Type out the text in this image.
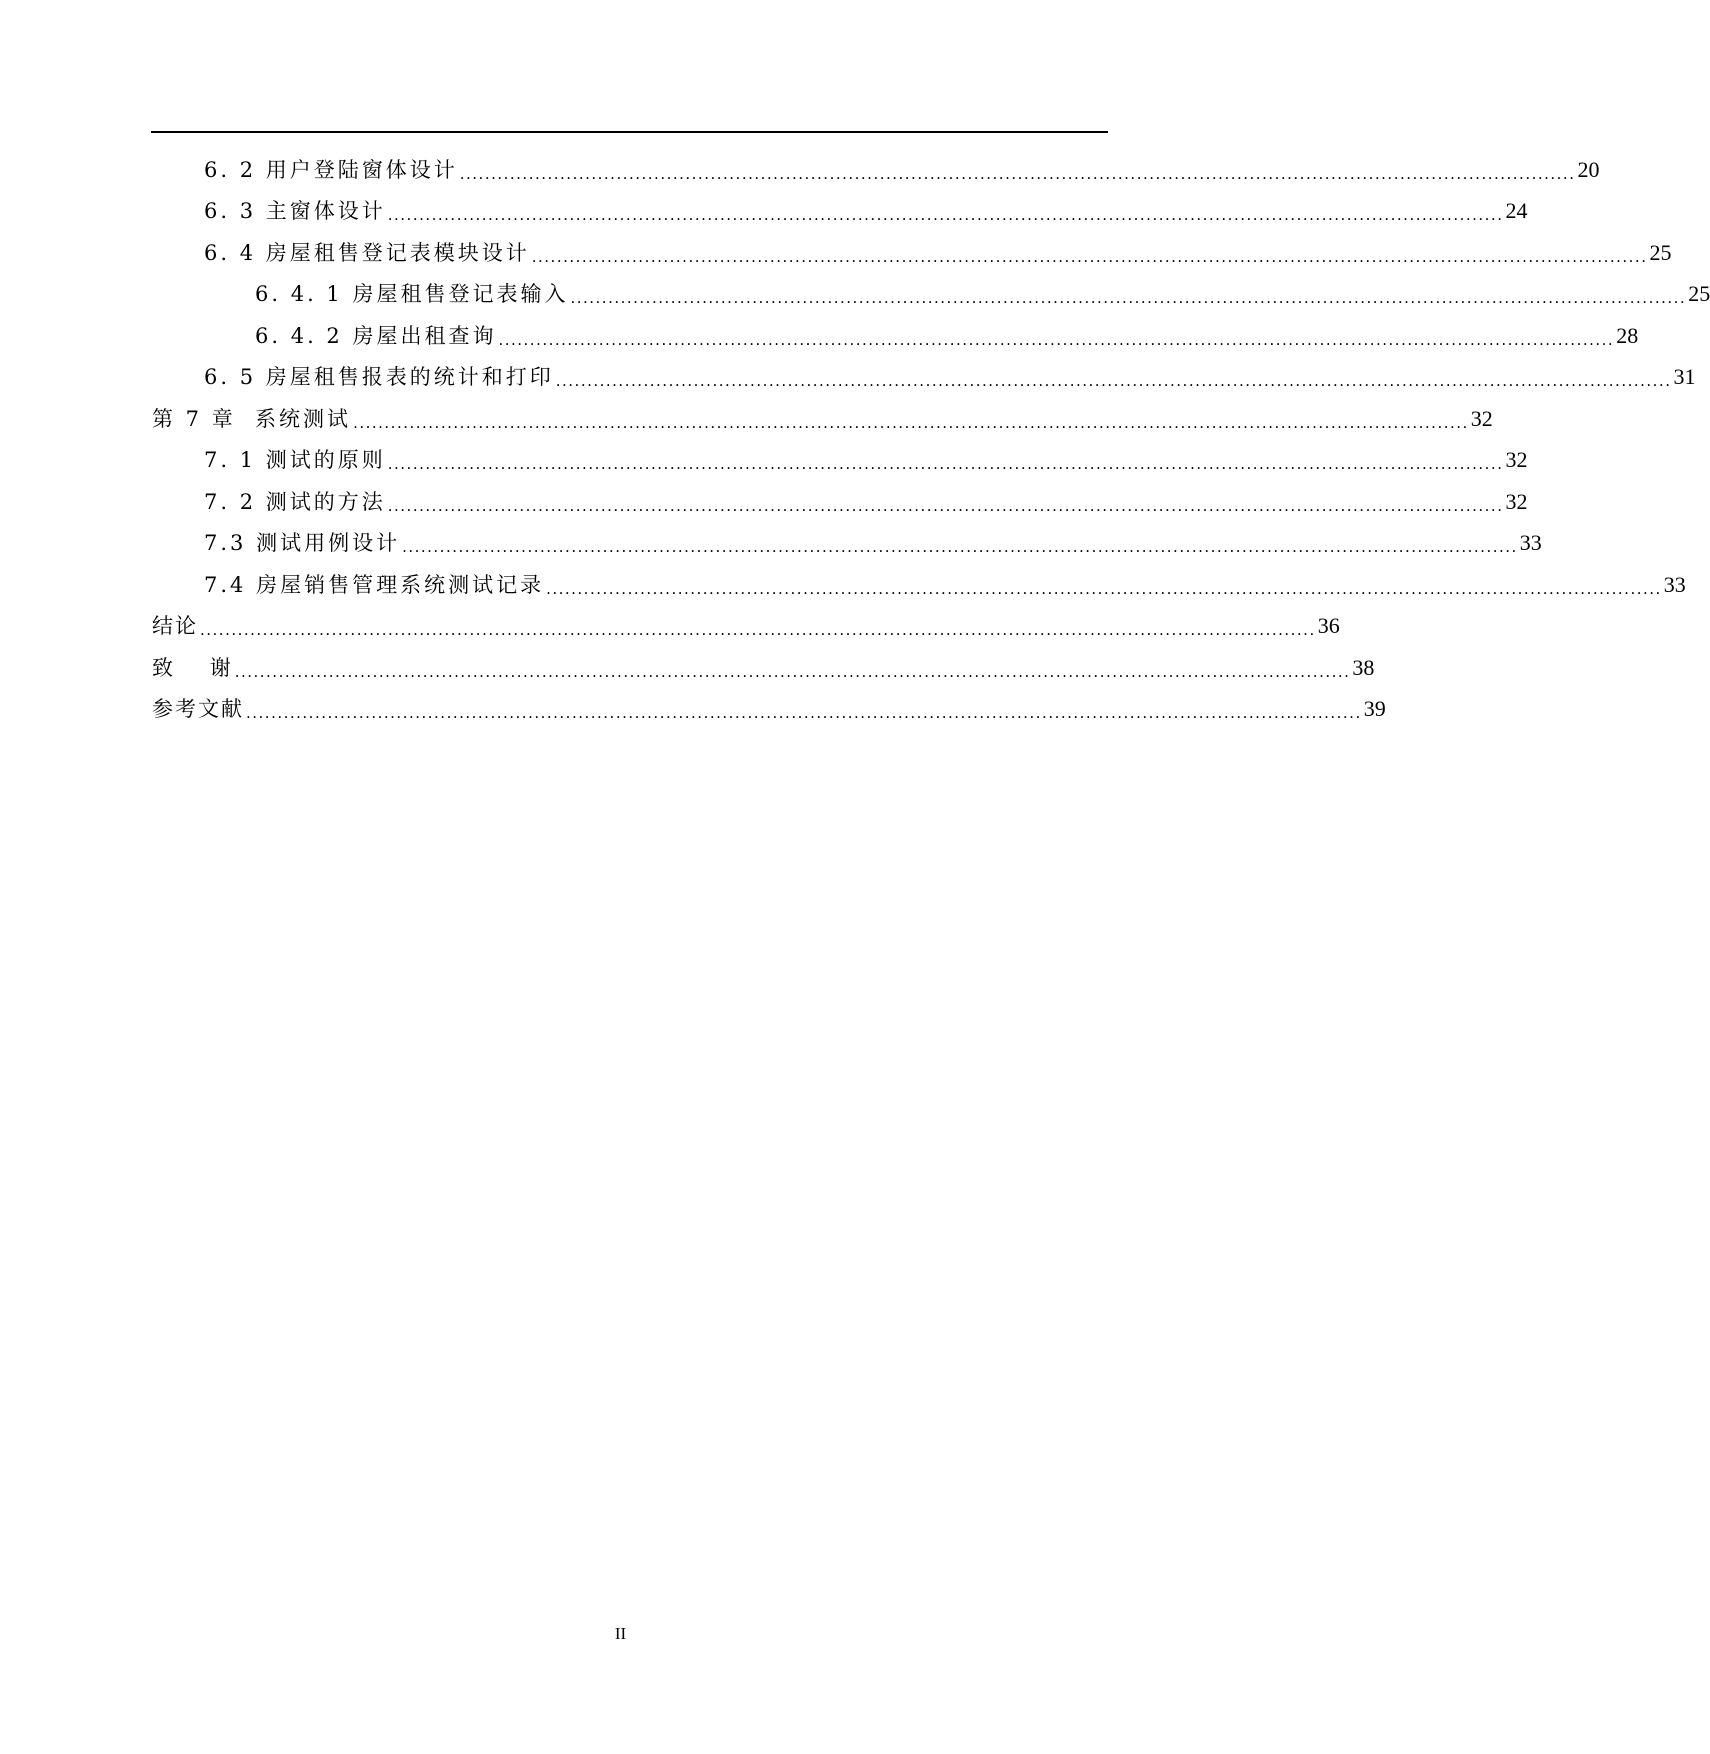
6. 2 用户登陆窗体设计 .................................................................................................................................................................................. 20
6. 3 主窗体设计 .................................................................................................................................................................................. 24
6. 4 房屋租售登记表模块设计 .................................................................................................................................................................................. 25
6. 4. 1 房屋租售登记表输入 .................................................................................................................................................................................. 25
6. 4. 2 房屋出租查询 .................................................................................................................................................................................. 28
6. 5 房屋租售报表的统计和打印 .................................................................................................................................................................................. 31
第 7 章  系统测试 .................................................................................................................................................................................. 32
7. 1 测试的原则 .................................................................................................................................................................................. 32
7. 2 测试的方法 .................................................................................................................................................................................. 32
7.3 测试用例设计 .................................................................................................................................................................................. 33
7.4 房屋销售管理系统测试记录 .................................................................................................................................................................................. 33
结论 .................................................................................................................................................................................. 36
致    谢 .................................................................................................................................................................................. 38
参考文献 .................................................................................................................................................................................. 39
II
